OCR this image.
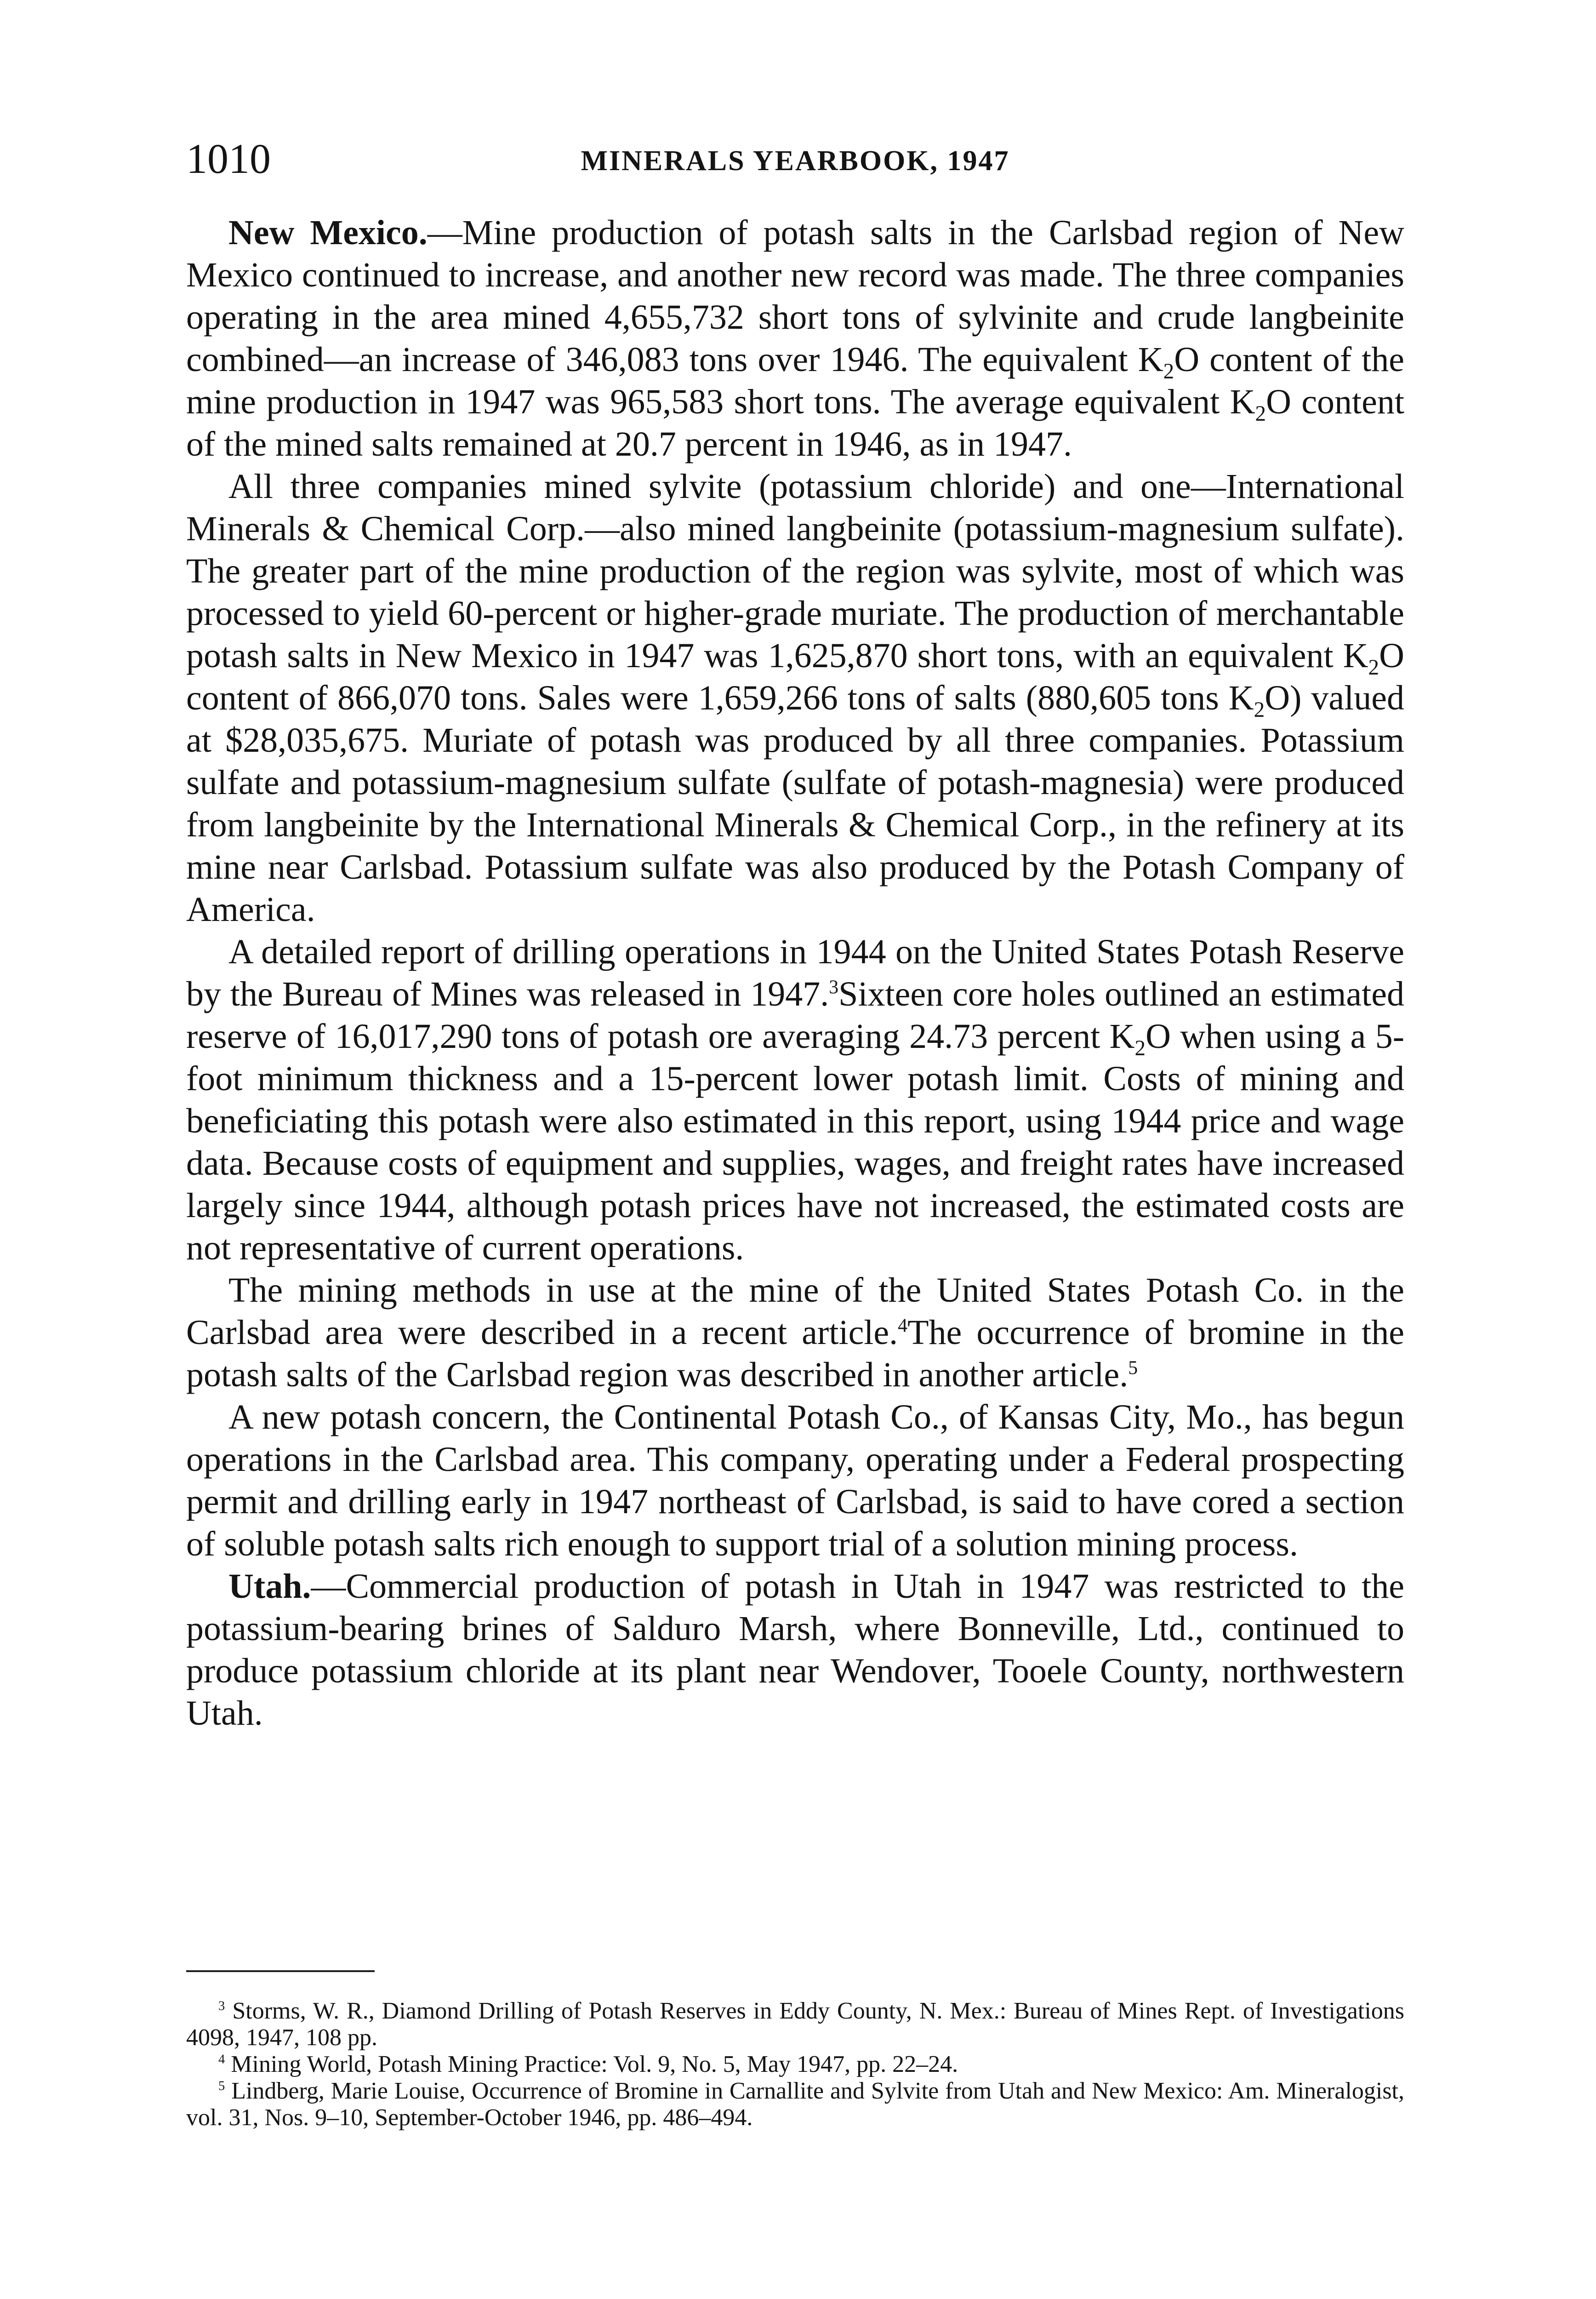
1010	MINERALS YEARBOOK, 1947

New Mexico.—Mine production of potash salts in the Carlsbad region of New Mexico continued to increase, and another new record was made. The three companies operating in the area mined 4,655,732 short tons of sylvinite and crude langbeinite combined—an increase of 346,083 tons over 1946. The equivalent $K_2O$ content of the mine production in 1947 was 965,583 short tons. The average equivalent $K_2O$ content of the mined salts remained at 20.7 percent in 1946, as in 1947.

All three companies mined sylvite (potassium chloride) and one—International Minerals & Chemical Corp.—also mined langbeinite (potassium-magnesium sulfate). The greater part of the mine production of the region was sylvite, most of which was processed to yield 60-percent or higher-grade muriate. The production of merchantable potash salts in New Mexico in 1947 was 1,625,870 short tons, with an equivalent $K_2O$ content of 866,070 tons. Sales were 1,659,266 tons of salts (880,605 tons $K_2O$) valued at $28,035,675. Muriate of potash was produced by all three companies. Potassium sulfate and potassium-magnesium sulfate (sulfate of potash-magnesia) were produced from langbeinite by the International Minerals & Chemical Corp., in the refinery at its mine near Carlsbad. Potassium sulfate was also produced by the Potash Company of America.

A detailed report of drilling operations in 1944 on the United States Potash Reserve by the Bureau of Mines was released in 1947.$^3$Sixteen core holes outlined an estimated reserve of 16,017,290 tons of potash ore averaging 24.73 percent $K_2O$ when using a 5-foot minimum thickness and a 15-percent lower potash limit. Costs of mining and beneficiating this potash were also estimated in this report, using 1944 price and wage data. Because costs of equipment and supplies, wages, and freight rates have increased largely since 1944, although potash prices have not increased, the estimated costs are not representative of current operations.

The mining methods in use at the mine of the United States Potash Co. in the Carlsbad area were described in a recent article.$^4$The occurrence of bromine in the potash salts of the Carlsbad region was described in another article.$^5$

A new potash concern, the Continental Potash Co., of Kansas City, Mo., has begun operations in the Carlsbad area. This company, operating under a Federal prospecting permit and drilling early in 1947 northeast of Carlsbad, is said to have cored a section of soluble potash salts rich enough to support trial of a solution mining process.

Utah.—Commercial production of potash in Utah in 1947 was restricted to the potassium-bearing brines of Salduro Marsh, where Bonneville, Ltd., continued to produce potassium chloride at its plant near Wendover, Tooele County, northwestern Utah.

$^3$ Storms, W. R., Diamond Drilling of Potash Reserves in Eddy County, N. Mex.: Bureau of Mines Rept. of Investigations 4098, 1947, 108 pp.

$^4$ Mining World, Potash Mining Practice: Vol. 9, No. 5, May 1947, pp. 22–24.

$^5$ Lindberg, Marie Louise, Occurrence of Bromine in Carnallite and Sylvite from Utah and New Mexico: Am. Mineralogist, vol. 31, Nos. 9–10, September-October 1946, pp. 486–494.
